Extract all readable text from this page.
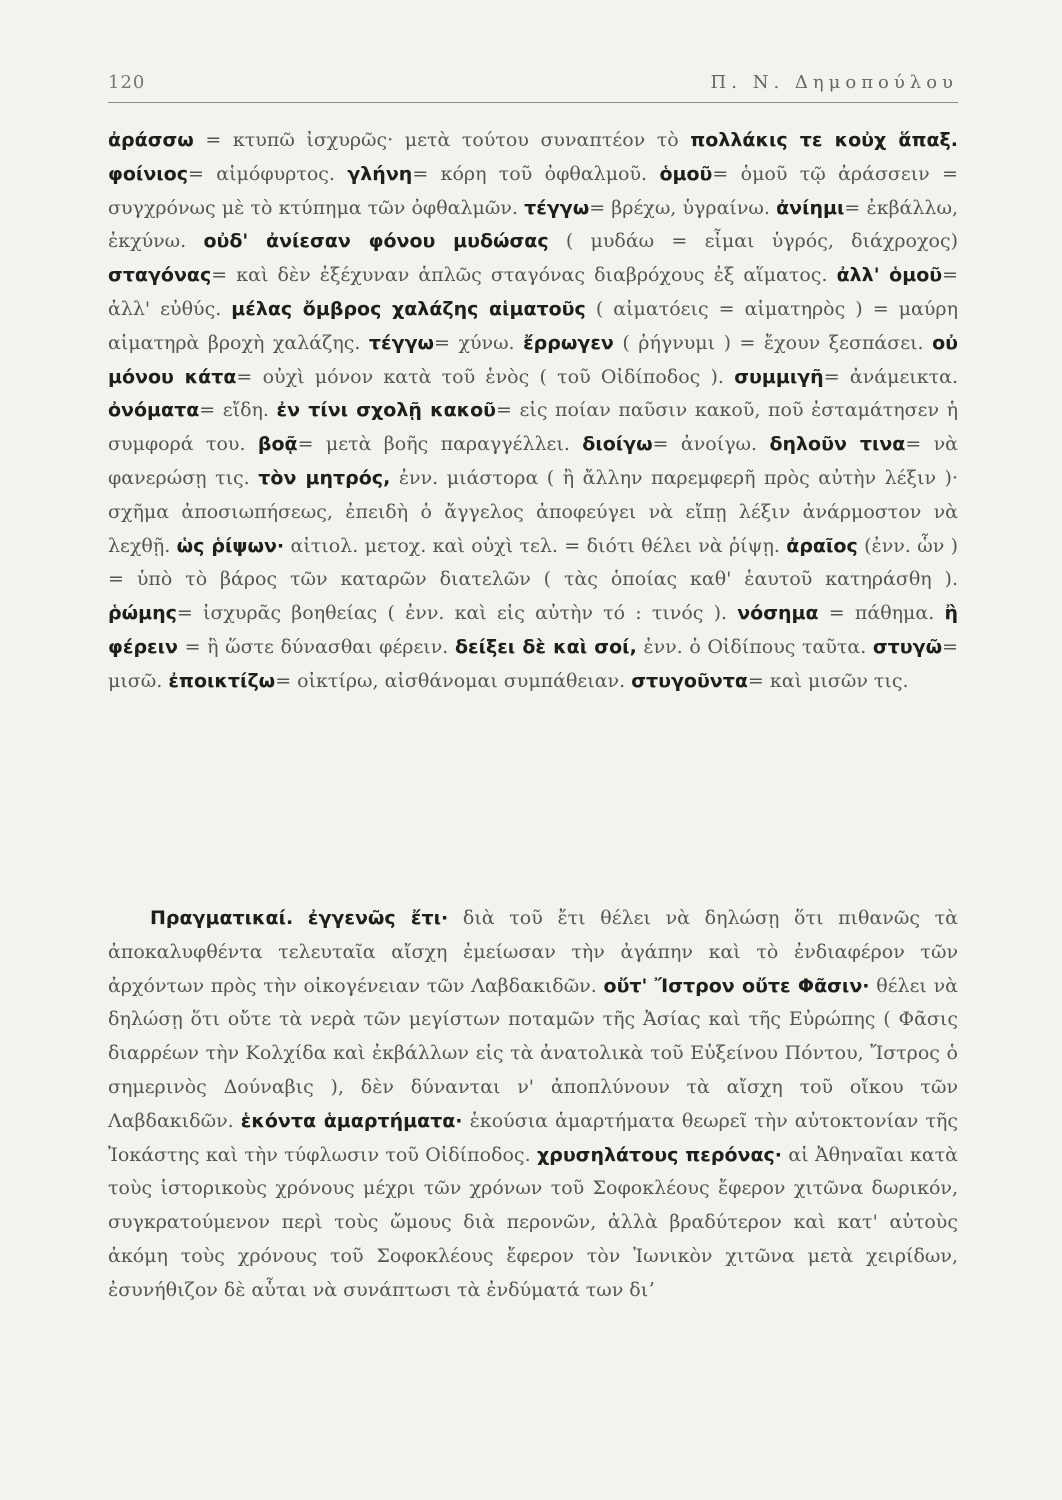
120	Π. Ν. Δημοπούλου
ἀράσσω = κτυπῶ ἰσχυρῶς· μετὰ τούτου συναπτέον τὸ πολλάκις τε κοὐχ ἅπαξ. φοίνιος= αἱμόφυρτος. γλήνη= κόρη τοῦ ὀφθαλμοῦ. ὁμοῦ= ὁμοῦ τῷ ἀράσσειν = συγχρόνως μὲ τὸ κτύπημα τῶν ὀφθαλμῶν. τέγγω= βρέχω, ὑγραίνω. ἀνίημι= ἐκβάλλω, ἐκχύνω. οὐδ' ἀνίεσαν φόνου μυδώσας ( μυδάω = εἶμαι ὑγρός, διάχροχος) σταγόνας= καὶ δὲν ἐξέχυναν ἁπλῶς σταγόνας διαβρόχους ἐξ αἵματος. ἀλλ' ὁμοῦ= ἀλλ' εὐθύς. μέλας ὄμβρος χαλάζης αἱματοῦς ( αἱματόεις = αἱματηρὸς ) = μαύρη αἱματηρὰ βροχὴ χαλάζης. τέγγω= χύνω. ἔρρωγεν ( ῥήγνυμι ) = ἔχουν ξεσπάσει. οὐ μόνου κάτα= οὐχὶ μόνον κατὰ τοῦ ἑνὸς ( τοῦ Οἰδίποδος ). συμμιγῆ= ἀνάμεικτα. ὀνόματα= εἴδη. ἐν τίνι σχολῇ κακοῦ= εἰς ποίαν παῦσιν κακοῦ, ποῦ ἐσταμάτησεν ἡ συμφορά του. βοᾷ= μετὰ βοῆς παραγγέλλει. διοίγω= ἀνοίγω. δηλοῦν τινα= νὰ φανερώσῃ τις. τὸν μητρός, ἐνν. μιάστορα ( ἢ ἄλλην παρεμφερῆ πρὸς αὐτὴν λέξιν )· σχῆμα ἀποσιωπήσεως, ἐπειδὴ ὁ ἄγγελος ἀποφεύγει νὰ εἴπῃ λέξιν ἀνάρμοστον νὰ λεχθῇ. ὡς ῥίψων· αἰτιολ. μετοχ. καὶ οὐχὶ τελ. = διότι θέλει νὰ ῥίψῃ. ἀραῖος (ἐνν. ὧν ) = ὑπὸ τὸ βάρος τῶν καταρῶν διατελῶν ( τὰς ὁποίας καθ' ἑαυτοῦ κατηράσθη ). ῥώμης= ἰσχυρᾶς βοηθείας ( ἐνν. καὶ εἰς αὐτὴν τό : τινός ). νόσημα = πάθημα. ἢ φέρειν = ἢ ὥστε δύνασθαι φέρειν. δείξει δὲ καὶ σοί, ἐνν. ὁ Οἰδίπους ταῦτα. στυγῶ= μισῶ. ἐποικτίζω= οἰκτίρω, αἰσθάνομαι συμπάθειαν. στυγοῦντα= καὶ μισῶν τις.
Πραγματικαί. ἐγγενῶς ἔτι· διὰ τοῦ ἔτι θέλει νὰ δηλώσῃ ὅτι πιθανῶς τὰ ἀποκαλυφθέντα τελευταῖα αἴσχη ἐμείωσαν τὴν ἀγάπην καὶ τὸ ἐνδιαφέρον τῶν ἀρχόντων πρὸς τὴν οἰκογένειαν τῶν Λαβδακιδῶν. οὔτ' Ἴστρον οὔτε Φᾶσιν· θέλει νὰ δηλώσῃ ὅτι οὔτε τὰ νερὰ τῶν μεγίστων ποταμῶν τῆς Ἀσίας καὶ τῆς Εὐρώπης ( Φᾶσις διαρρέων τὴν Κολχίδα καὶ ἐκβάλλων εἰς τὰ ἀνατολικὰ τοῦ Εὐξείνου Πόντου, Ἴστρος ὁ σημερινὸς Δούναβις ), δὲν δύνανται ν' ἀποπλύνουν τὰ αἴσχη τοῦ οἴκου τῶν Λαβδακιδῶν. ἑκόντα ἁμαρτήματα· ἑκούσια ἁμαρτήματα θεωρεῖ τὴν αὐτοκτονίαν τῆς Ἰοκάστης καὶ τὴν τύφλωσιν τοῦ Οἰδίποδος. χρυσηλάτους περόνας· αἱ Ἀθηναῖαι κατὰ τοὺς ἱστορικοὺς χρόνους μέχρι τῶν χρόνων τοῦ Σοφοκλέους ἔφερον χιτῶνα δωρικόν, συγκρατούμενον περὶ τοὺς ὤμους διὰ περονῶν, ἀλλὰ βραδύτερον καὶ κατ' αὐτοὺς ἀκόμη τοὺς χρόνους τοῦ Σοφοκλέους ἔφερον τὸν Ἰωνικὸν χιτῶνα μετὰ χειρίδων, ἐσυνήθιζον δὲ αὗται νὰ συνάπτωσι τὰ ἐνδύματά των διʼ
